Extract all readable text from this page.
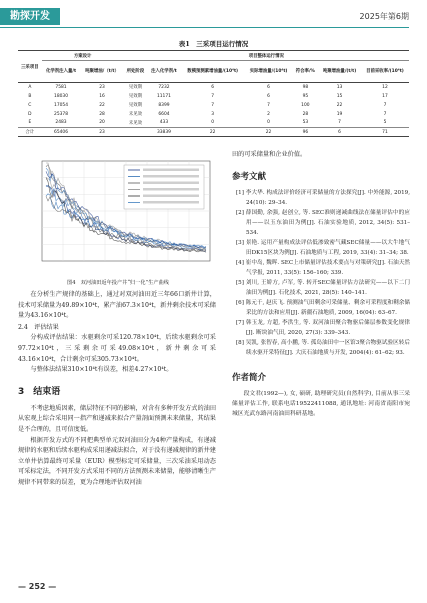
勘探开发	2025年第6期
表1　三采项目运行情况
三采项目	方案设计		项目整体运行情况						
	化学剂注入量/t	吨聚增油/（t/t）	所处阶段	注入化学剂/t	数模预测累增油量/(10⁴t)	实际增油量/(10⁴t)	符合率/%	吨聚增油量/(t/t)	目前采收率/(10⁴t)
A	7581	23	见效期	7232	6	6	98	13	12
B	18030	16	见效期	11171	7	6	95	15	17
C	17054	22	见效期	8399	7	7	100	22	7
D	25378	28	未见效	6604	3	2	28	19	7
E	2483	20	未见效	433	0	0	53	7	5
合计	65406	23		33839	22	22	96	6	71
图4　双河油田返年投产井“归一化”生产曲线

在分析生产规律的基础上，通过对双河油田近三年66口新井计算，技术可采储量为49.89×10⁴t，累产油67.3×10⁴t，新井剩余技术可采储量为43.16×10⁴t。

2.4　评估结果

分构成评估结果：水驱剩余可采120.78×10⁴t，后续水驱剩余可采97.72×10⁴t，三采剩余可采49.08×10⁴t，新井剩余可采43.16×10⁴t，合计剩余可采305.73×10⁴t。

与整体法结果310×10⁴t有误差，相差4.27×10⁴t。

3　结束语

不考虑地质因素，储层特征不同的影响，对含有多种开发方式的油田从宏观上综合采用同一指产和递减来拟合产量剖面预测未来储量，其结果是不合理的，且可信度低。

根据开发方式的不同把典型单元双河油田分为4种产量构成，有递减规律的水驱和后续水驱构成采用递减法拟合，对于没有递减规律的新井建立单井估算最终可采量（EUR）模型标定可采储量，三次采油采用动态可采标定法，不同开发方式采用不同的方法预测未来储量，能够清晰生产规律不同带来的误差，更为合理地评估双河油

田的可采储量和企业价值。

参考文献

[1] 李大华. 构成法评价经济可采储量的方法探究[J]. 中外能源, 2019, 24(10): 29–34.

[2] 薛国勤, 余强, 赵创立, 等. SEC准则递减曲线法在储量评估中的应用——以玉东油田为例[J]. 石油实验地质, 2012, 34(5): 531–534.

[3] 景艳. 运用产量构成法评估低渗致密气藏SEC储量——以大牛地气田DK15区块为例[J]. 石油地质与工程, 2019, 33(4): 31–34; 38.

[4] 崔中岛, 魏晖. SEC上市储量评估技术要点与对策研究[J]. 石油天然气学报, 2011, 33(5): 156–160; 339.

[5] 刘川, 王娇方, 卢军, 等. 转开SEC储量评估方法研究——以下二门油田为例[J]. 石化技术, 2021, 28(5): 140–141.

[6] 陈元千, 赵庆飞. 预测油气田剩余可采储量、剩余可采程度和剩余储采比的方法和应用[J]. 新疆石油地质, 2009, 16(04): 63–67.

[7] 韩玉龙, 方超, 李洪生, 等. 双河油田聚合物驱后储层参数变化规律[J]. 断块油气田, 2020, 27(3): 339–343.

[8] 吴凯, 张智春, 高小鹏, 等. 孤岛油田中一区馆3聚合物驱试验区转后续水驱开采特征[J]. 大庆石油地质与开发, 2004(4): 61–62; 93.

作者简介

段文君(1992—), 女, 硕研, 助理研究员(自然科学), 目前从事三采储量评估工作, 联系电话19522411088, 通讯地址: 河南省南阳市宛城区光武东路河南油田科研基地。

— 252 —
